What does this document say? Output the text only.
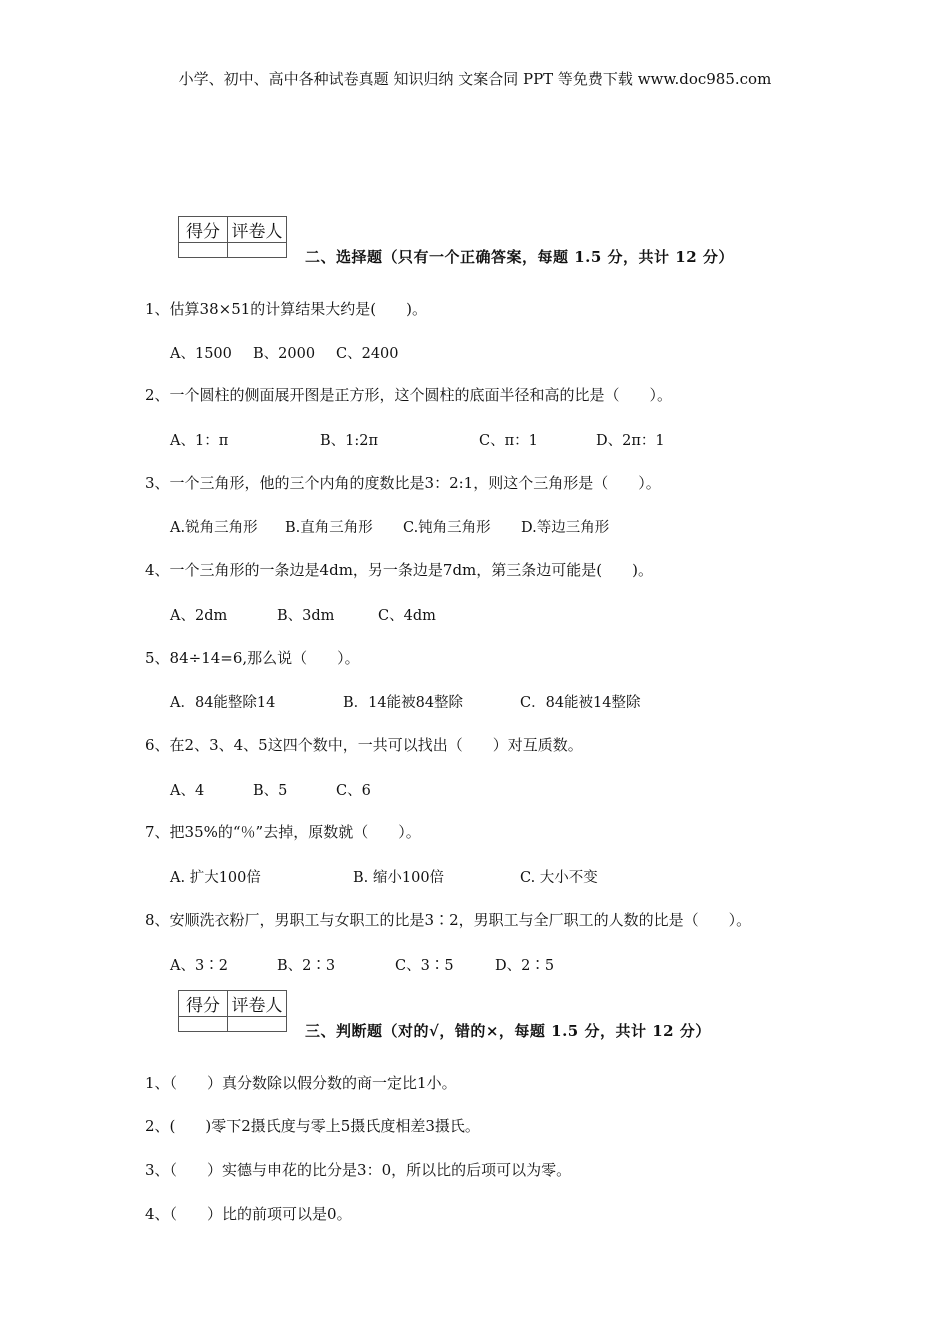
小学、初中、高中各种试卷真题 知识归纳 文案合同 PPT 等免费下载 www.doc985.com
得分	评卷人

二、选择题（只有一个正确答案，每题 1.5 分，共计 12 分）
1、估算38×51的计算结果大约是(　　)。
A、1500 B、2000 C、2400
2、一个圆柱的侧面展开图是正方形，这个圆柱的底面半径和高的比是（　　）。
A、1：π	B、1:2π	C、π：1	D、2π：1
3、一个三角形，他的三个内角的度数比是3：2:1，则这个三角形是（　　）。
A.锐角三角形 B.直角三角形 C.钝角三角形 D.等边三角形
4、一个三角形的一条边是4dm，另一条边是7dm，第三条边可能是(　　)。
A、2dm	B、3dm	C、4dm
5、84÷14=6,那么说（　　）。
A．84能整除14	B．14能被84整除	C．84能被14整除
6、在2、3、4、5这四个数中，一共可以找出（　　）对互质数。
A、4	B、5	C、6
7、把35%的“％”去掉，原数就（　　）。
A. 扩大100倍	B. 缩小100倍	C. 大小不变
8、安顺洗衣粉厂，男职工与女职工的比是3∶2，男职工与全厂职工的人数的比是（　　）。
A、3∶2	B、2∶3	C、3∶5	D、2∶5
得分	评卷人

三、判断题（对的√，错的×，每题 1.5 分，共计 12 分）
1、（　　）真分数除以假分数的商一定比1小。
2、(　　)零下2摄氏度与零上5摄氏度相差3摄氏。
3、（　　）实德与申花的比分是3：0，所以比的后项可以为零。
4、（　　）比的前项可以是0。
